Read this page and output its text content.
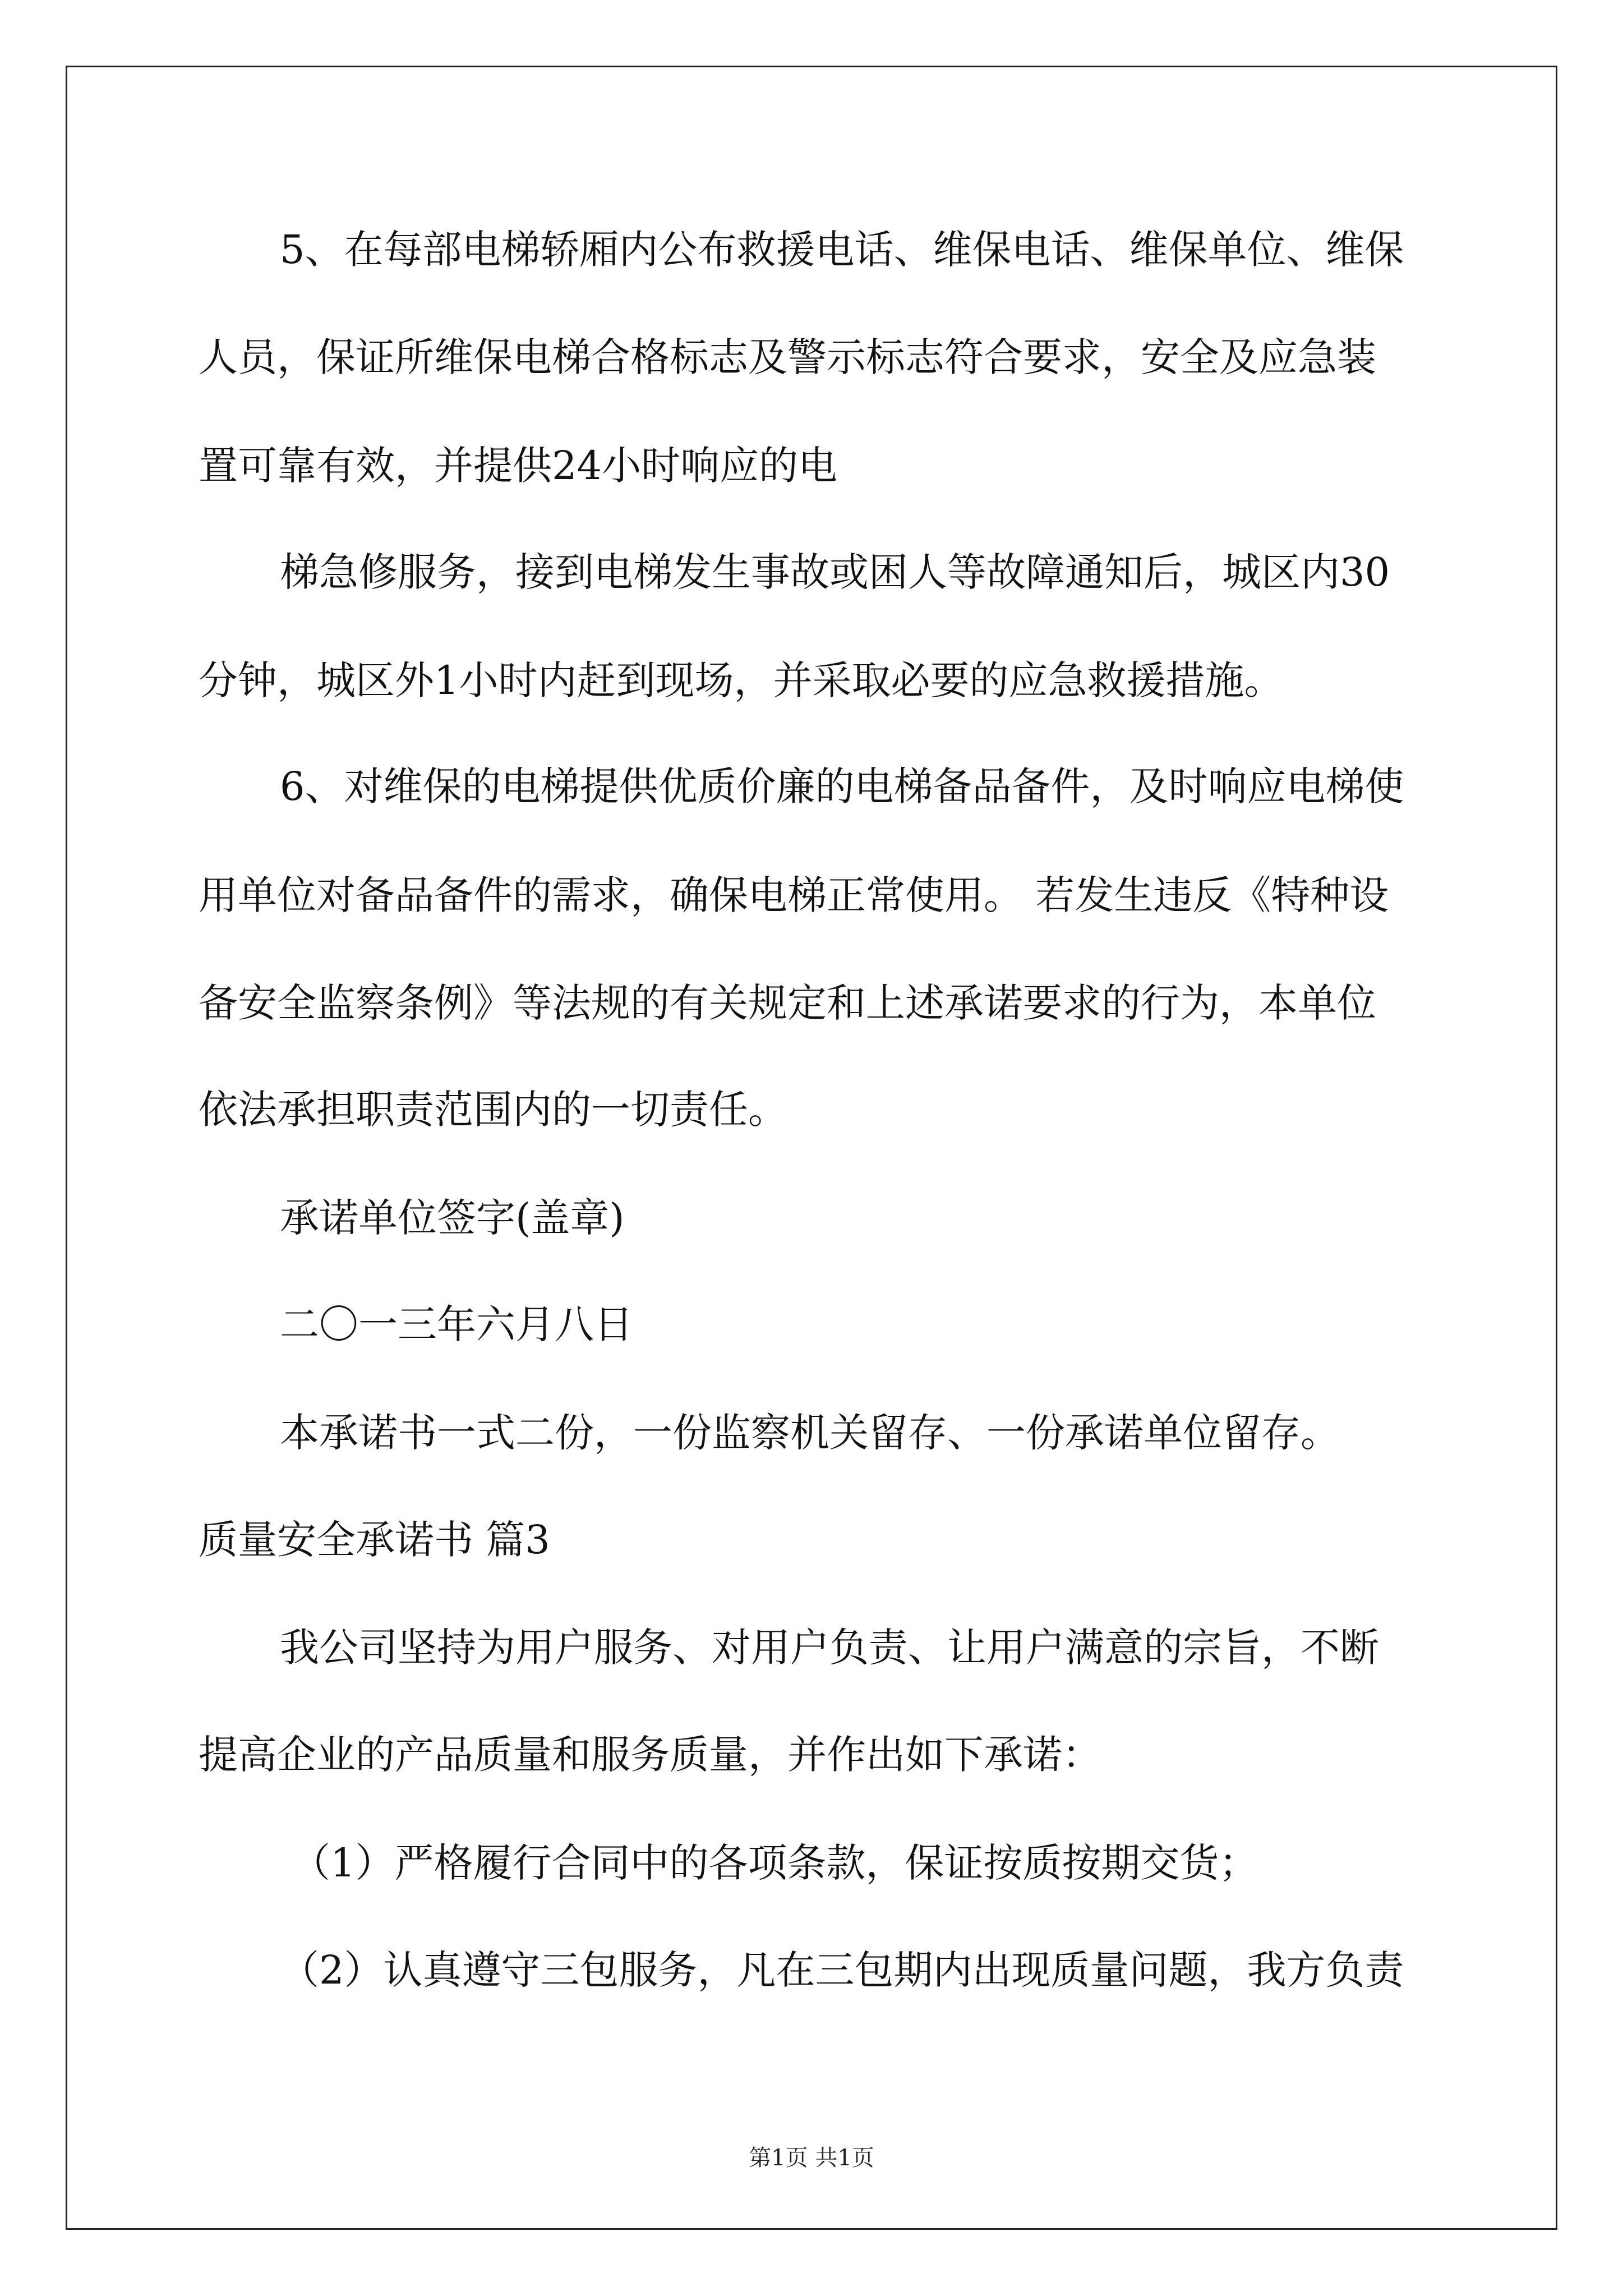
5、在每部电梯轿厢内公布救援电话、维保电话、维保单位、维保
人员，保证所维保电梯合格标志及警示标志符合要求，安全及应急装
置可靠有效，并提供24小时响应的电
梯急修服务，接到电梯发生事故或困人等故障通知后，城区内30
分钟，城区外1小时内赶到现场，并采取必要的应急救援措施。
6、对维保的电梯提供优质价廉的电梯备品备件，及时响应电梯使
用单位对备品备件的需求，确保电梯正常使用。 若发生违反《特种设
备安全监察条例》等法规的有关规定和上述承诺要求的行为，本单位
依法承担职责范围内的一切责任。
承诺单位签字(盖章)
二〇一三年六月八日
本承诺书一式二份，一份监察机关留存、一份承诺单位留存。
质量安全承诺书 篇3
我公司坚持为用户服务、对用户负责、让用户满意的宗旨，不断
提高企业的产品质量和服务质量，并作出如下承诺：
（1）严格履行合同中的各项条款，保证按质按期交货；
（2）认真遵守三包服务，凡在三包期内出现质量问题，我方负责
第1页 共1页
